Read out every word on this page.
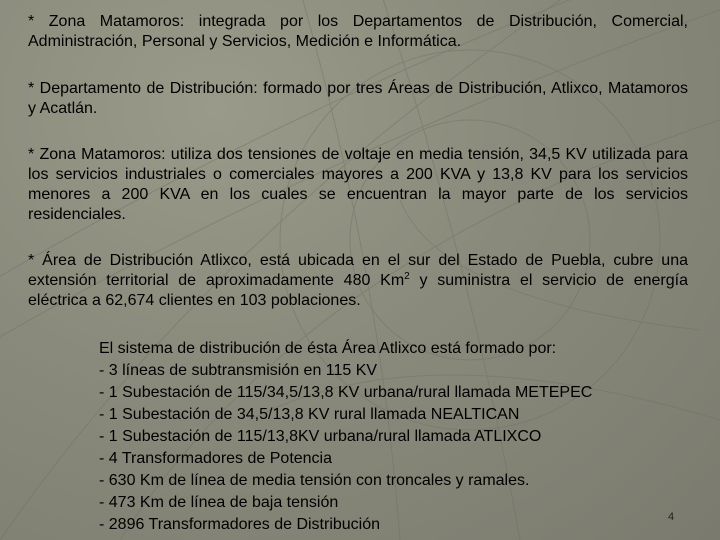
* Zona Matamoros: integrada por los Departamentos de Distribución, Comercial, Administración, Personal y Servicios, Medición e Informática.
* Departamento de Distribución: formado por tres Áreas de Distribución, Atlixco, Matamoros y Acatlán.
* Zona Matamoros: utiliza dos tensiones de voltaje en media tensión, 34,5 KV utilizada para los servicios industriales o comerciales mayores a 200 KVA y 13,8 KV para los servicios menores a 200 KVA en los cuales se encuentran la mayor parte de los servicios residenciales.
* Área de Distribución Atlixco, está ubicada en el sur del Estado de Puebla, cubre una extensión territorial de aproximadamente 480 Km$^2$ y suministra el servicio de energía eléctrica a 62,674 clientes en 103 poblaciones.
El sistema de distribución de ésta Área Atlixco está formado por:
- 3 líneas de subtransmisión en 115 KV
- 1 Subestación de 115/34,5/13,8 KV urbana/rural llamada METEPEC
- 1 Subestación de 34,5/13,8 KV rural llamada NEALTICAN
- 1 Subestación de 115/13,8KV urbana/rural llamada ATLIXCO
- 4 Transformadores de Potencia
- 630 Km de línea de media tensión con troncales y ramales.
- 473 Km de línea de baja tensión
- 2896 Transformadores de Distribución	4
